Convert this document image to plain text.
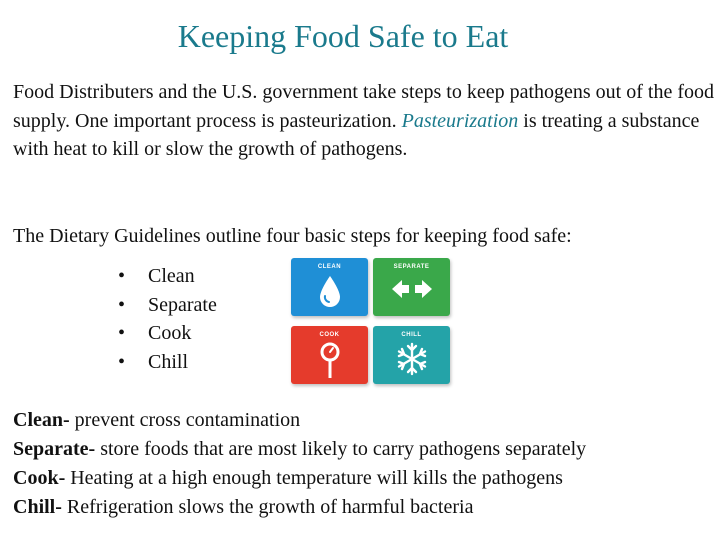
Keeping Food Safe to Eat

Food Distributers and the U.S. government take steps to keep pathogens out of the food supply. One important process is pasteurization. Pasteurization is treating a substance with heat to kill or slow the growth of pathogens.

The Dietary Guidelines outline four basic steps for keeping food safe:
•	Clean
•	Separate
•	Cook
•	Chill
CLEAN	SEPARATE
COOK	CHILL
Clean- prevent cross contamination
Separate- store foods that are most likely to carry pathogens separately
Cook- Heating at a high enough temperature will kills the pathogens
Chill- Refrigeration slows the growth of harmful bacteria
